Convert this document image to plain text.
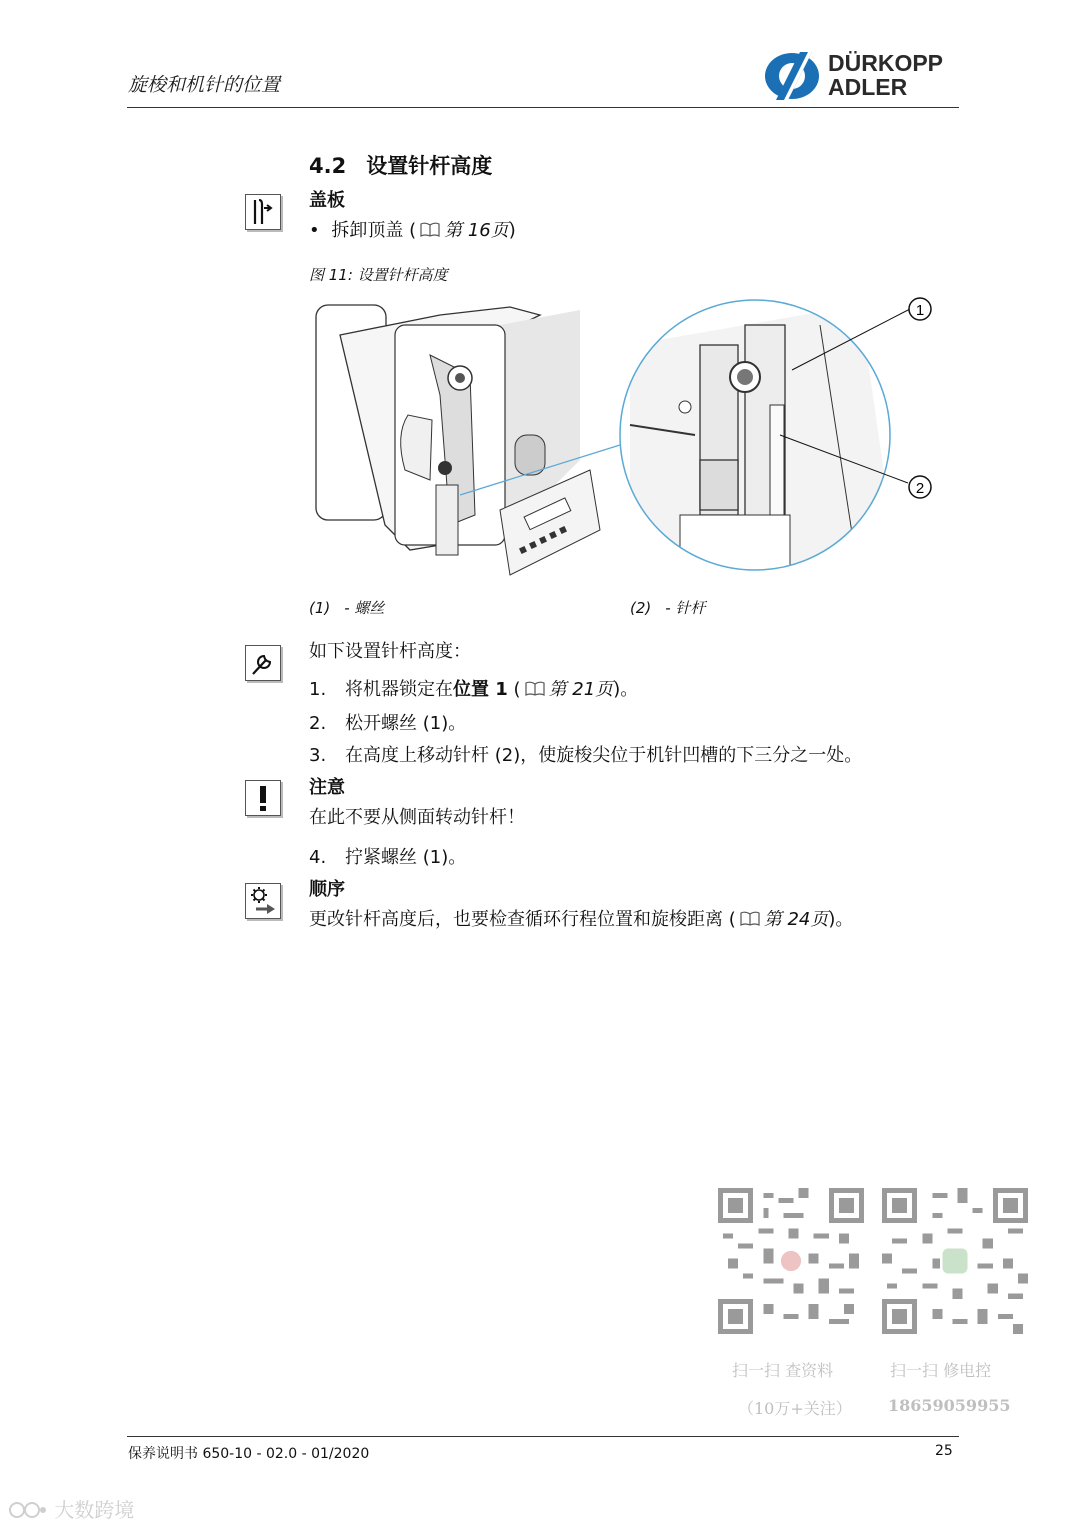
旋梭和机针的位置
DÜRKOPP
ADLER
4.2 设置针杆高度
盖板
• 拆卸顶盖 ( 第 16页)
图 11: 设置针杆高度
1
2
(1) - 螺丝	(2) - 针杆
如下设置针杆高度：
1. 将机器锁定在位置 1 ( 第 21页)。
2. 松开螺丝 (1)。
3. 在高度上移动针杆 (2)，使旋梭尖位于机针凹槽的下三分之一处。
注意
在此不要从侧面转动针杆！
4. 拧紧螺丝 (1)。
顺序
更改针杆高度后，也要检查循环行程位置和旋梭距离 ( 第 24页)。
扫一扫 查资料
（10万+关注）
扫一扫 修电控
18659059955
保养说明书 650-10 - 02.0 - 01/2020	25
大数跨境
